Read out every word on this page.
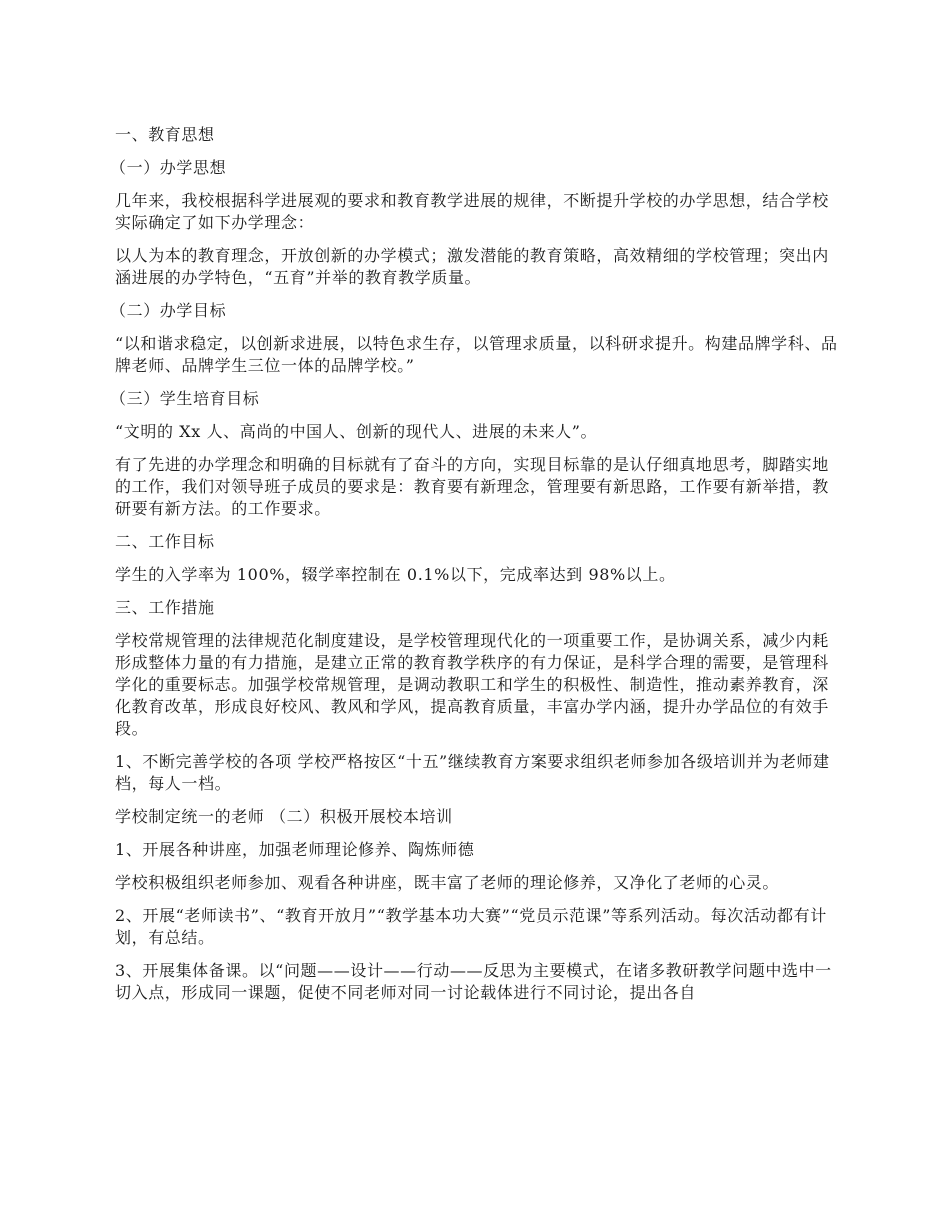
一、教育思想

（一）办学思想

几年来，我校根据科学进展观的要求和教育教学进展的规律，不断提升学校的办学思想，结合学校实际确定了如下办学理念：

以人为本的教育理念，开放创新的办学模式；激发潜能的教育策略，高效精细的学校管理；突出内涵进展的办学特色，“五育”并举的教育教学质量。

（二）办学目标

“以和谐求稳定，以创新求进展，以特色求生存，以管理求质量，以科研求提升。构建品牌学科、品牌老师、品牌学生三位一体的品牌学校。”

（三）学生培育目标

“文明的 Xx 人、高尚的中国人、创新的现代人、进展的未来人”。

有了先进的办学理念和明确的目标就有了奋斗的方向，实现目标靠的是认仔细真地思考，脚踏实地的工作，我们对领导班子成员的要求是：教育要有新理念，管理要有新思路，工作要有新举措，教研要有新方法。的工作要求。

二、工作目标

学生的入学率为 100%，辍学率控制在 0.1%以下，完成率达到 98%以上。

三、工作措施

学校常规管理的法律规范化制度建设，是学校管理现代化的一项重要工作，是协调关系，减少内耗形成整体力量的有力措施，是建立正常的教育教学秩序的有力保证，是科学合理的需要，是管理科学化的重要标志。加强学校常规管理，是调动教职工和学生的积极性、制造性，推动素养教育，深化教育改革，形成良好校风、教风和学风，提高教育质量，丰富办学内涵，提升办学品位的有效手段。

1、不断完善学校的各项 学校严格按区“十五”继续教育方案要求组织老师参加各级培训并为老师建档，每人一档。

学校制定统一的老师 （二）积极开展校本培训

1、开展各种讲座，加强老师理论修养、陶炼师德

学校积极组织老师参加、观看各种讲座，既丰富了老师的理论修养，又净化了老师的心灵。

2、开展“老师读书”、“教育开放月”“教学基本功大赛”“党员示范课”等系列活动。每次活动都有计划，有总结。

3、开展集体备课。以“问题——设计——行动——反思为主要模式，在诸多教研教学问题中选中一切入点，形成同一课题，促使不同老师对同一讨论载体进行不同讨论，提出各自
